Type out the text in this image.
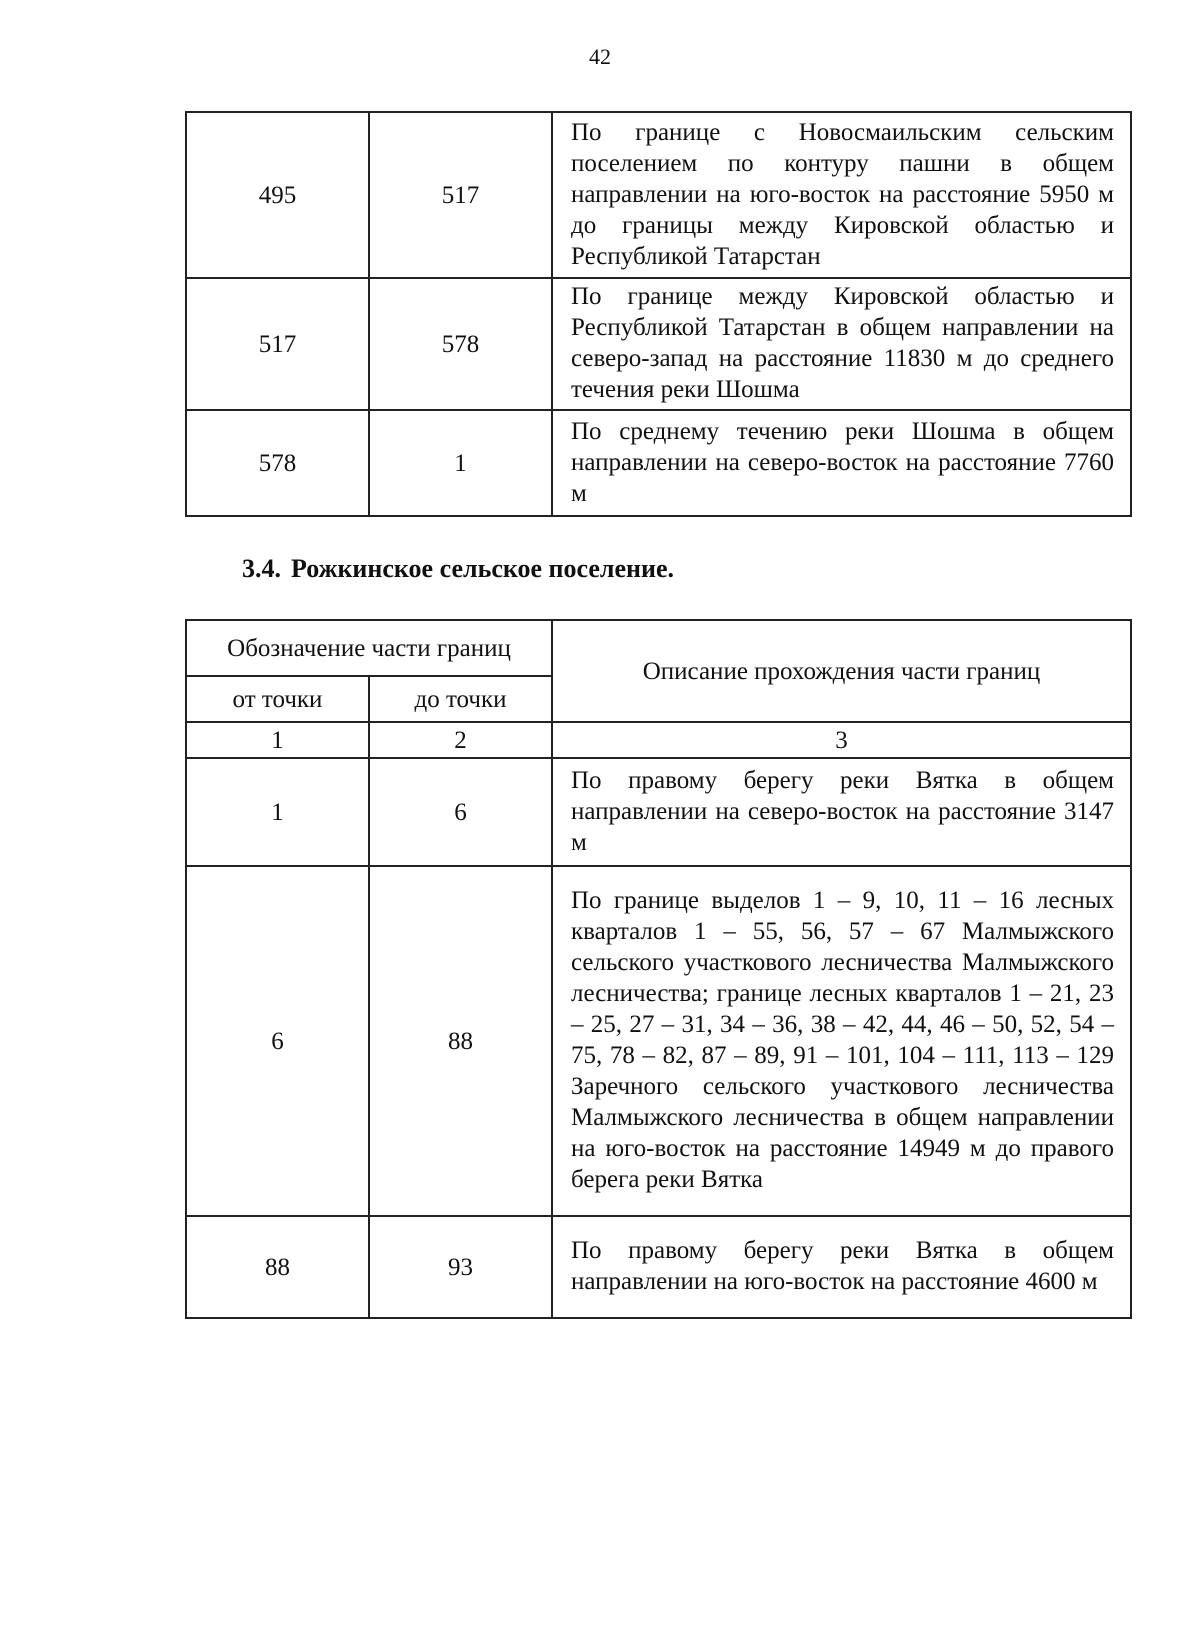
42
495	517	По границе с Новосмаильским сельским поселением по контуру пашни в общем направлении на юго-восток на расстояние 5950 м до границы между Кировской областью и Республикой Татарстан
517	578	По границе между Кировской областью и Республикой Татарстан в общем направлении на северо-запад на расстояние 11830 м до среднего течения реки Шошма
578	1	По среднему течению реки Шошма в общем направлении на северо-восток на расстояние 7760 м
3.4. Рожкинское сельское поселение.
Обозначение части границ		Описание прохождения части границ
от точки	до точки	
1	2	3
1	6	По правому берегу реки Вятка в общем направлении на северо-восток на расстояние 3147 м
6	88	По границе выделов 1 – 9, 10, 11 – 16 лесных кварталов 1 – 55, 56, 57 – 67 Малмыжского сельского участкового лесничества Малмыжского лесничества; границе лесных кварталов 1 – 21, 23 – 25, 27 – 31, 34 – 36, 38 – 42, 44, 46 – 50, 52, 54 – 75, 78 – 82, 87 – 89, 91 – 101, 104 – 111, 113 – 129 Заречного сельского участкового лесничества Малмыжского лесничества в общем направлении на юго-восток на расстояние 14949 м до правого берега реки Вятка
88	93	По правому берегу реки Вятка в общем направлении на юго-восток на расстояние 4600 м
